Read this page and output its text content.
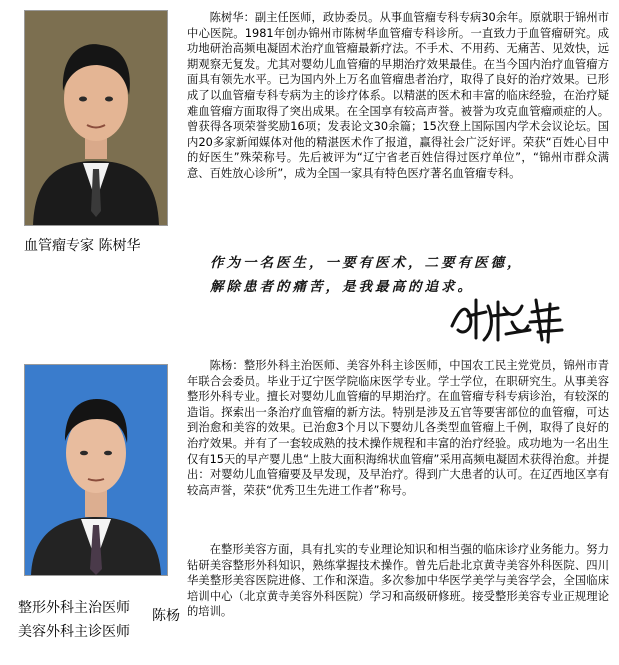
血管瘤专家 陈树华

陈树华：副主任医师，政协委员。从事血管瘤专科专病30余年。原就职于锦州市中心医院。1981年创办锦州市陈树华血管瘤专科诊所。一直致力于血管瘤研究。成功地研治高频电凝固术治疗血管瘤最新疗法。不手术、不用药、无痛苦、见效快，远期观察无复发。尤其对婴幼儿血管瘤的早期治疗效果最佳。在当今国内治疗血管瘤方面具有领先水平。已为国内外上万名血管瘤患者治疗，取得了良好的治疗效果。已形成了以血管瘤专科专病为主的诊疗体系。以精湛的医术和丰富的临床经验，在治疗疑难血管瘤方面取得了突出成果。在全国享有较高声誉。被誉为攻克血管瘤顽症的人。曾获得各项荣誉奖励16项；发表论文30余篇；15次登上国际国内学术会议论坛。国内20多家新闻媒体对他的精湛医术作了报道，赢得社会广泛好评。荣获“百姓心目中的好医生”殊荣称号。先后被评为“辽宁省老百姓信得过医疗单位”，“锦州市群众满意、百姓放心诊所”，成为全国一家具有特色医疗著名血管瘤专科。

作为一名医生，一要有医术，二要有医德，
解除患者的痛苦，是我最高的追求。
整形外科主治医师
美容外科主诊医师
陈杨

陈杨：整形外科主治医师、美容外科主诊医师，中国农工民主党党员，锦州市青年联合会委员。毕业于辽宁医学院临床医学专业。学士学位，在职研究生。从事美容整形外科专业。擅长对婴幼儿血管瘤的早期治疗。在血管瘤专科专病诊治，有较深的造诣。探索出一条治疗血管瘤的新方法。特别是涉及五官等要害部位的血管瘤，可达到治愈和美容的效果。已治愈3个月以下婴幼儿各类型血管瘤上千例，取得了良好的治疗效果。并有了一套较成熟的技术操作规程和丰富的治疗经验。成功地为一名出生仅有15天的早产婴儿患“上肢大面积海绵状血管瘤”采用高频电凝固术获得治愈。并提出：对婴幼儿血管瘤要及早发现，及早治疗。得到广大患者的认可。在辽西地区享有较高声誉，荣获“优秀卫生先进工作者”称号。

在整形美容方面，具有扎实的专业理论知识和相当强的临床诊疗业务能力。努力钻研美容整形外科知识，熟练掌握技术操作。曾先后赴北京黄寺美容外科医院、四川华美整形美容医院进修、工作和深造。多次参加中华医学美学与美容学会，全国临床培训中心（北京黄寺美容外科医院）学习和高级研修班。接受整形美容专业正规理论的培训。
